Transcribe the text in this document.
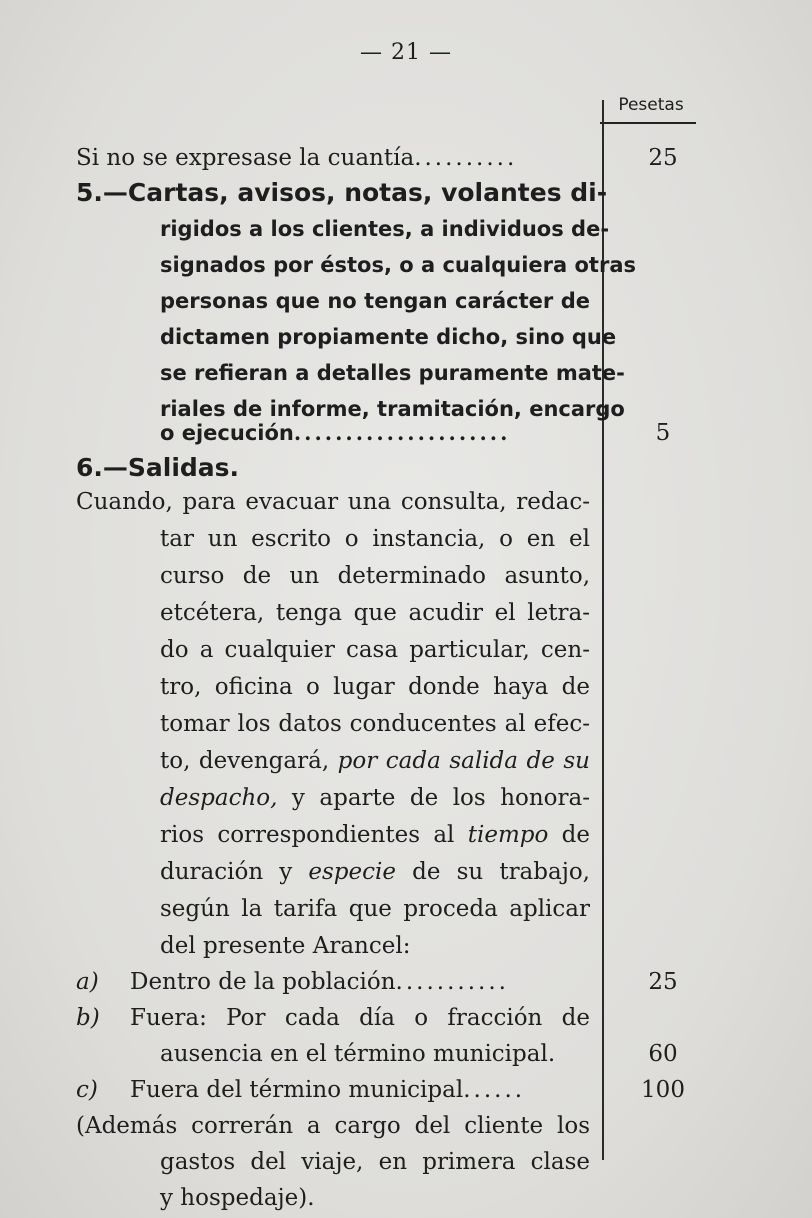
— 21 —
Pesetas
Si no se expresase la cuantía..........	25
5.—Cartas, avisos, notas, volantes di-
rigidos a los clientes, a individuos de-
signados por éstos, o a cualquiera otras
personas que no tengan carácter de
dictamen propiamente dicho, sino que
se refieran a detalles puramente mate-
riales de informe, tramitación, encargo
o ejecución.....................	5
6.—Salidas.
Cuando, para evacuar una consulta, redac-
tar un escrito o instancia, o en el
curso de un determinado asunto,
etcétera, tenga que acudir el letra-
do a cualquier casa particular, cen-
tro, oficina o lugar donde haya de
tomar los datos conducentes al efec-
to, devengará, por cada salida de su
despacho, y aparte de los honora-
rios correspondientes al tiempo de
duración y especie de su trabajo,
según la tarifa que proceda aplicar
del presente Arancel:
a) Dentro de la población...........	25
b) Fuera: Por cada día o fracción de
ausencia en el término municipal.	60
c) Fuera del término municipal......	100
(Además correrán a cargo del cliente los
gastos del viaje, en primera clase
y hospedaje).
